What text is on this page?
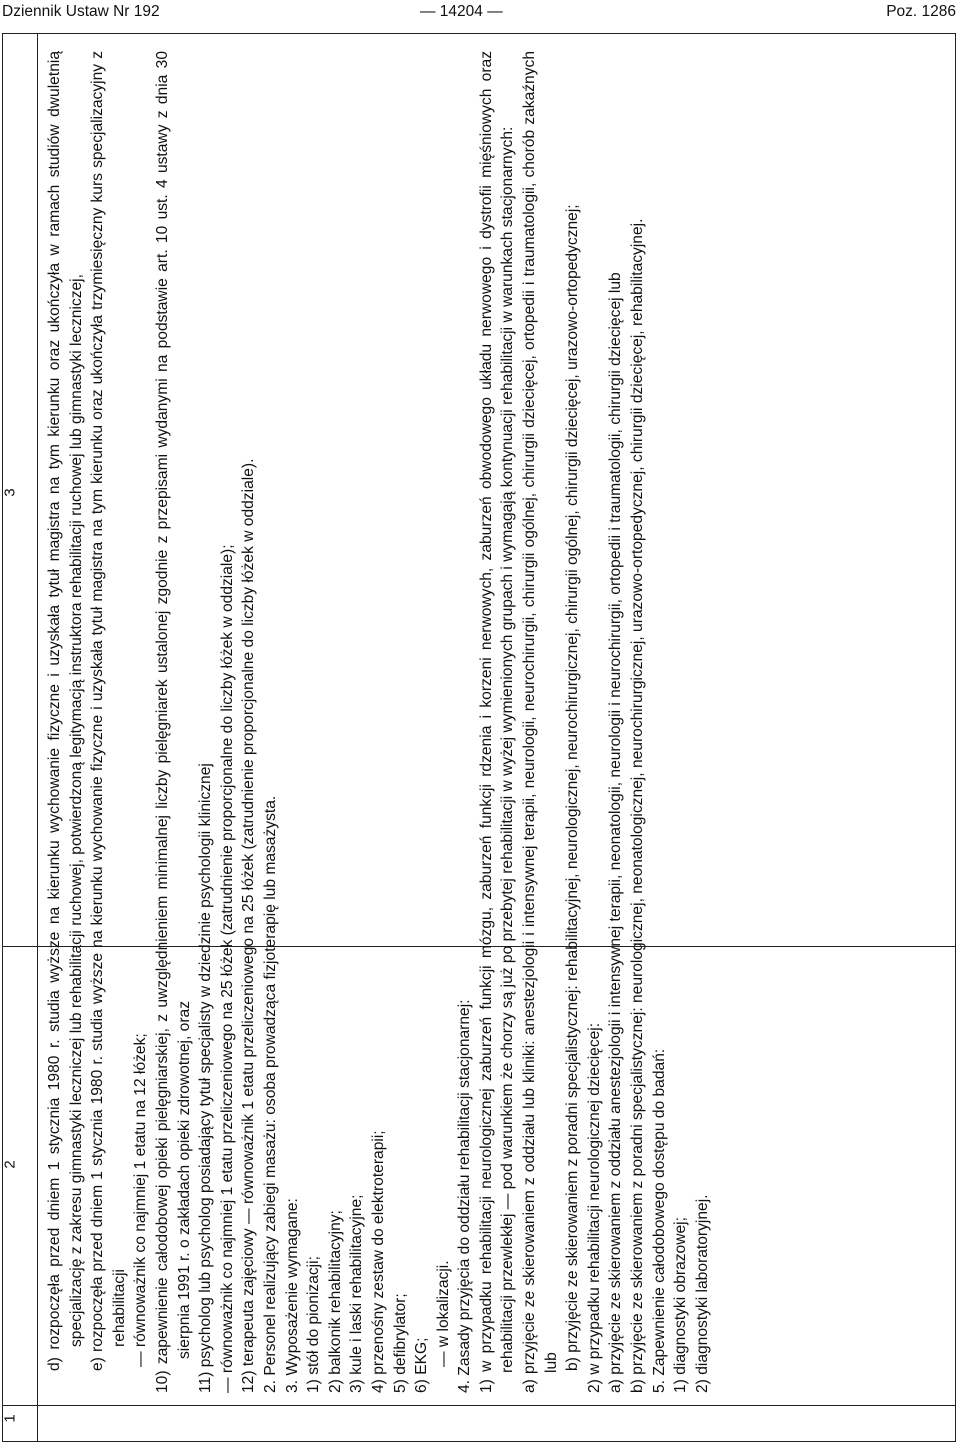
Dziennik Ustaw Nr 192	— 14204 —	Poz. 1286
1
2
3 d) rozpoczęła przed dniem 1 stycznia 1980 r. studia wyższe na kierunku wychowanie fizyczne i uzyskała tytuł magistra na tym kierunku oraz ukończyła w ramach studiów dwuletnią specjalizację z zakresu gimnastyki leczniczej lub rehabilitacji ruchowej, potwierdzoną legitymacją instruktora rehabilitacji ruchowej lub gimnastyki leczniczej, e) rozpoczęła przed dniem 1 stycznia 1980 r. studia wyższe na kierunku wychowanie fizyczne i uzyskała tytuł magistra na tym kierunku oraz ukończyła trzymiesięczny kurs specjalizacyjny z rehabilitacji — równoważnik co najmniej 1 etatu na 12 łóżek; 10) zapewnienie całodobowej opieki pielęgniarskiej, z uwzględnieniem minimalnej liczby pielęgniarek ustalonej zgodnie z przepisami wydanymi na podstawie art. 10 ust. 4 ustawy z dnia 30 sierpnia 1991 r. o zakładach opieki zdrowotnej, oraz 11) psycholog lub psycholog posiadający tytuł specjalisty w dziedzinie psychologii klinicznej — równoważnik co najmniej 1 etatu przeliczeniowego na 25 łóżek (zatrudnienie proporcjonalne do liczby łóżek w oddziale); 12) terapeuta zajęciowy — równoważnik 1 etatu przeliczeniowego na 25 łóżek (zatrudnienie proporcjonalne do liczby łóżek w oddziale). 2. Personel realizujący zabiegi masażu: osoba prowadząca fizjoterapię lub masażysta. 3. Wyposażenie wymagane: 1) stół do pionizacji; 2) balkonik rehabilitacyjny; 3) kule i laski rehabilitacyjne; 4) przenośny zestaw do elektroterapii; 5) defibrylator; 6) EKG; — w lokalizacji. 4. Zasady przyjęcia do oddziału rehabilitacji stacjonarnej: 1) w przypadku rehabilitacji neurologicznej zaburzeń funkcji mózgu, zaburzeń funkcji rdzenia i korzeni nerwowych, zaburzeń obwodowego układu nerwowego i dystrofii mięśniowych oraz rehabilitacji przewlekłej — pod warunkiem że chorzy są już po przebytej rehabilitacji w wyżej wymienionych grupach i wymagają kontynuacji rehabilitacji w warunkach stacjonarnych: a) przyjęcie ze skierowaniem z oddziału lub kliniki: anestezjologii i intensywnej terapii, neurologii, neurochirurgii, chirurgii ogólnej, chirurgii dziecięcej, ortopedii i traumatologii, chorób zakaźnych lub b) przyjęcie ze skierowaniem z poradni specjalistycznej: rehabilitacyjnej, neurologicznej, neurochirurgicznej, chirurgii ogólnej, chirurgii dziecięcej, urazowo-ortopedycznej; 2) w przypadku rehabilitacji neurologicznej dziecięcej: a) przyjęcie ze skierowaniem z oddziału anestezjologii i intensywnej terapii, neonatologii, neurologii i neurochirurgii, ortopedii i traumatologii, chirurgii dziecięcej lub b) przyjęcie ze skierowaniem z poradni specjalistycznej: neurologicznej, neonatologicznej, neurochirurgicznej, urazowo-ortopedycznej, chirurgii dziecięcej, rehabilitacyjnej. 5. Zapewnienie całodobowego dostępu do badań: 1) diagnostyki obrazowej; 2) diagnostyki laboratoryjnej.
